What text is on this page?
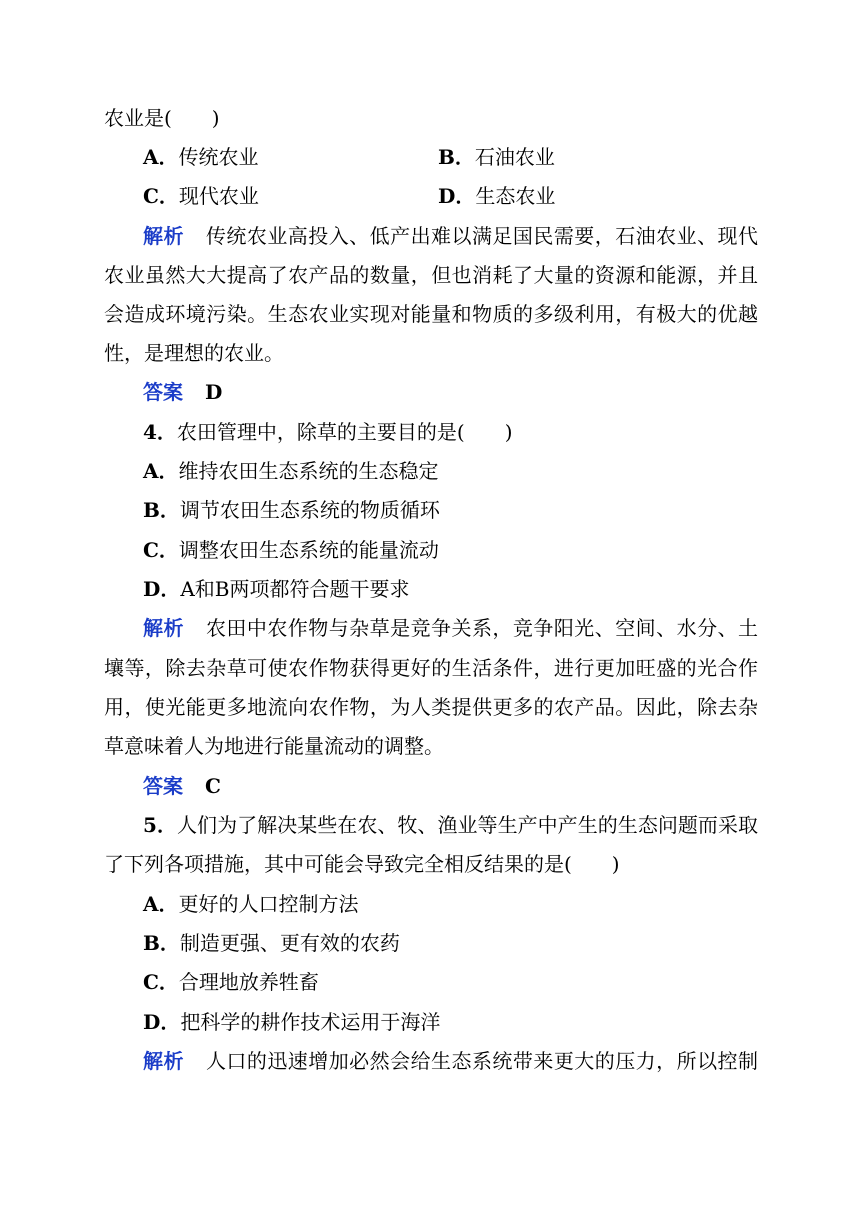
农业是(　　)
A．传统农业	B．石油农业
C．现代农业	D．生态农业
解析 传统农业高投入、低产出难以满足国民需要，石油农业、现代
农业虽然大大提高了农产品的数量，但也消耗了大量的资源和能源，并且
会造成环境污染。生态农业实现对能量和物质的多级利用，有极大的优越
性，是理想的农业。
答案 D
4．农田管理中，除草的主要目的是(　　)
A．维持农田生态系统的生态稳定
B．调节农田生态系统的物质循环
C．调整农田生态系统的能量流动
D．A和B两项都符合题干要求
解析 农田中农作物与杂草是竞争关系，竞争阳光、空间、水分、土
壤等，除去杂草可使农作物获得更好的生活条件，进行更加旺盛的光合作
用，使光能更多地流向农作物，为人类提供更多的农产品。因此，除去杂
草意味着人为地进行能量流动的调整。
答案 C
5．人们为了解决某些在农、牧、渔业等生产中产生的生态问题而采取
了下列各项措施，其中可能会导致完全相反结果的是(　　)
A．更好的人口控制方法
B．制造更强、更有效的农药
C．合理地放养牲畜
D．把科学的耕作技术运用于海洋
解析 人口的迅速增加必然会给生态系统带来更大的压力，所以控制
